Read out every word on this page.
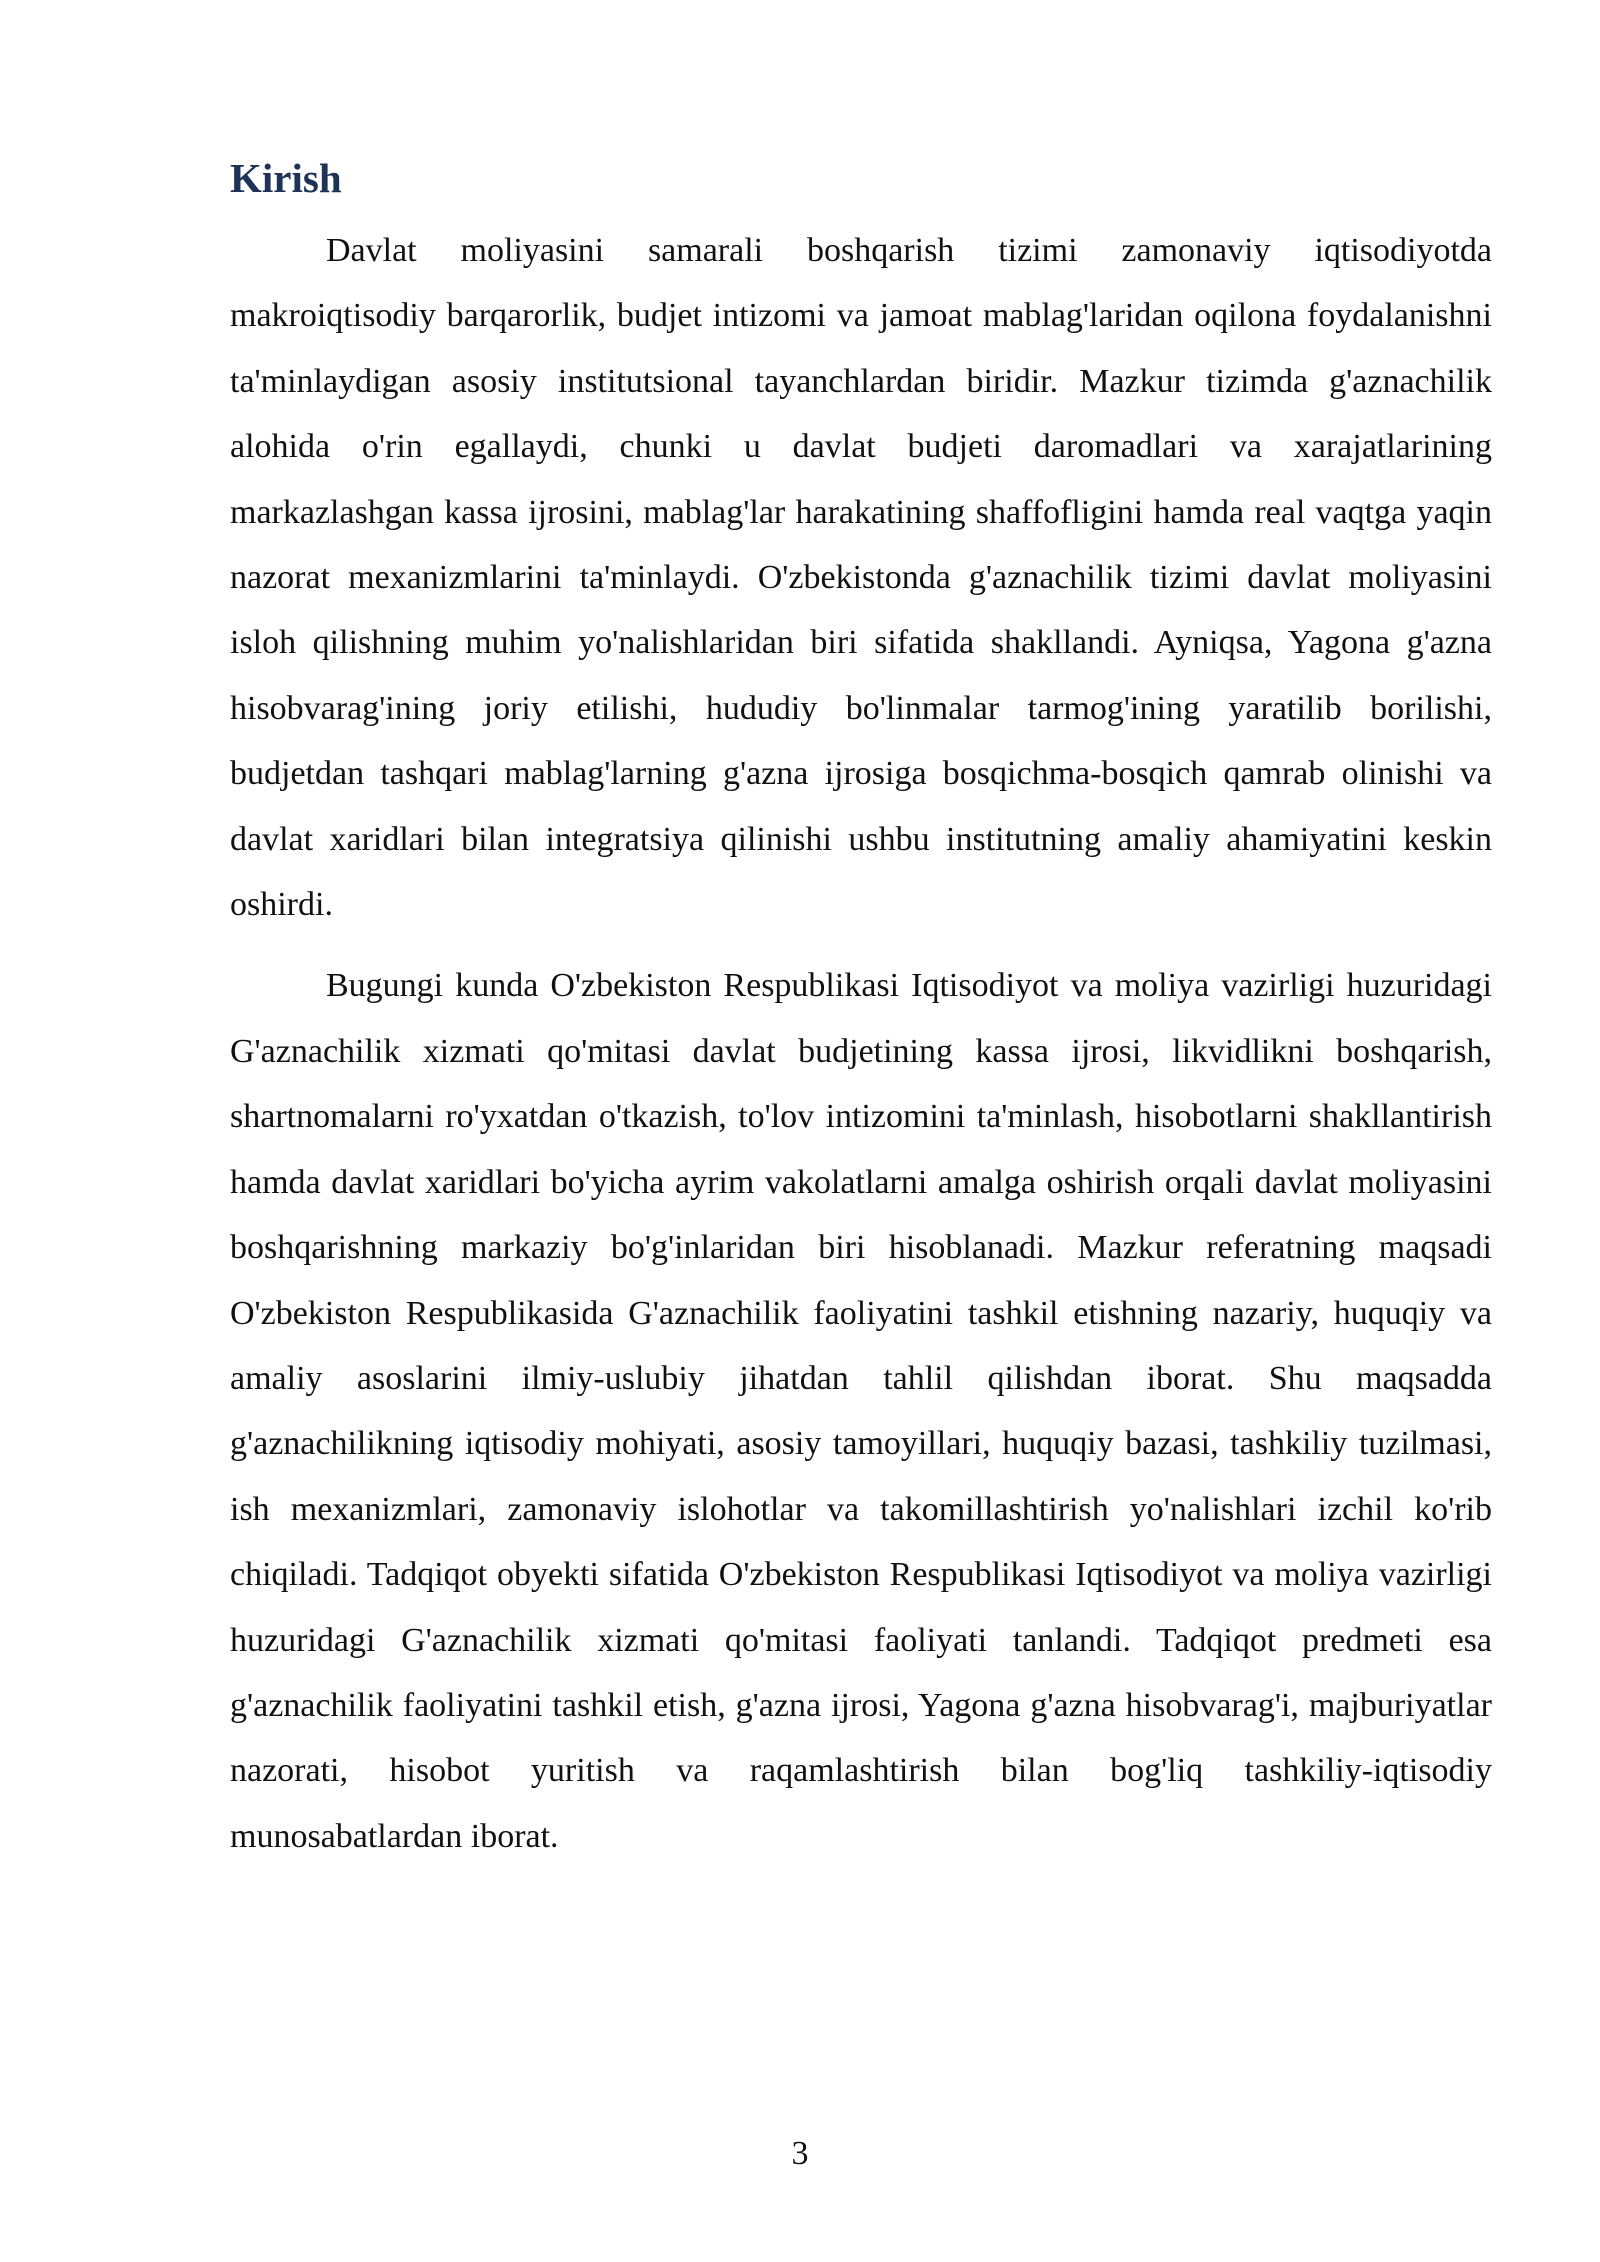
Kirish

Davlat moliyasini samarali boshqarish tizimi zamonaviy iqtisodiyotda makroiqtisodiy barqarorlik, budjet intizomi va jamoat mablag'laridan oqilona foydalanishni ta'minlaydigan asosiy institutsional tayanchlardan biridir. Mazkur tizimda g'aznachilik alohida o'rin egallaydi, chunki u davlat budjeti daromadlari va xarajatlarining markazlashgan kassa ijrosini, mablag'lar harakatining shaffofligini hamda real vaqtga yaqin nazorat mexanizmlarini ta'minlaydi. O'zbekistonda g'aznachilik tizimi davlat moliyasini isloh qilishning muhim yo'nalishlaridan biri sifatida shakllandi. Ayniqsa, Yagona g'azna hisobvarag'ining joriy etilishi, hududiy bo'linmalar tarmog'ining yaratilib borilishi, budjetdan tashqari mablag'larning g'azna ijrosiga bosqichma-bosqich qamrab olinishi va davlat xaridlari bilan integratsiya qilinishi ushbu institutning amaliy ahamiyatini keskin oshirdi.

Bugungi kunda O'zbekiston Respublikasi Iqtisodiyot va moliya vazirligi huzuridagi G'aznachilik xizmati qo'mitasi davlat budjetining kassa ijrosi, likvidlikni boshqarish, shartnomalarni ro'yxatdan o'tkazish, to'lov intizomini ta'minlash, hisobotlarni shakllantirish hamda davlat xaridlari bo'yicha ayrim vakolatlarni amalga oshirish orqali davlat moliyasini boshqarishning markaziy bo'g'inlaridan biri hisoblanadi. Mazkur referatning maqsadi O'zbekiston Respublikasida G'aznachilik faoliyatini tashkil etishning nazariy, huquqiy va amaliy asoslarini ilmiy-uslubiy jihatdan tahlil qilishdan iborat. Shu maqsadda g'aznachilikning iqtisodiy mohiyati, asosiy tamoyillari, huquqiy bazasi, tashkiliy tuzilmasi, ish mexanizmlari, zamonaviy islohotlar va takomillashtirish yo'nalishlari izchil ko'rib chiqiladi. Tadqiqot obyekti sifatida O'zbekiston Respublikasi Iqtisodiyot va moliya vazirligi huzuridagi G'aznachilik xizmati qo'mitasi faoliyati tanlandi. Tadqiqot predmeti esa g'aznachilik faoliyatini tashkil etish, g'azna ijrosi, Yagona g'azna hisobvarag'i, majburiyatlar nazorati, hisobot yuritish va raqamlashtirish bilan bog'liq tashkiliy-iqtisodiy munosabatlardan iborat.

3
